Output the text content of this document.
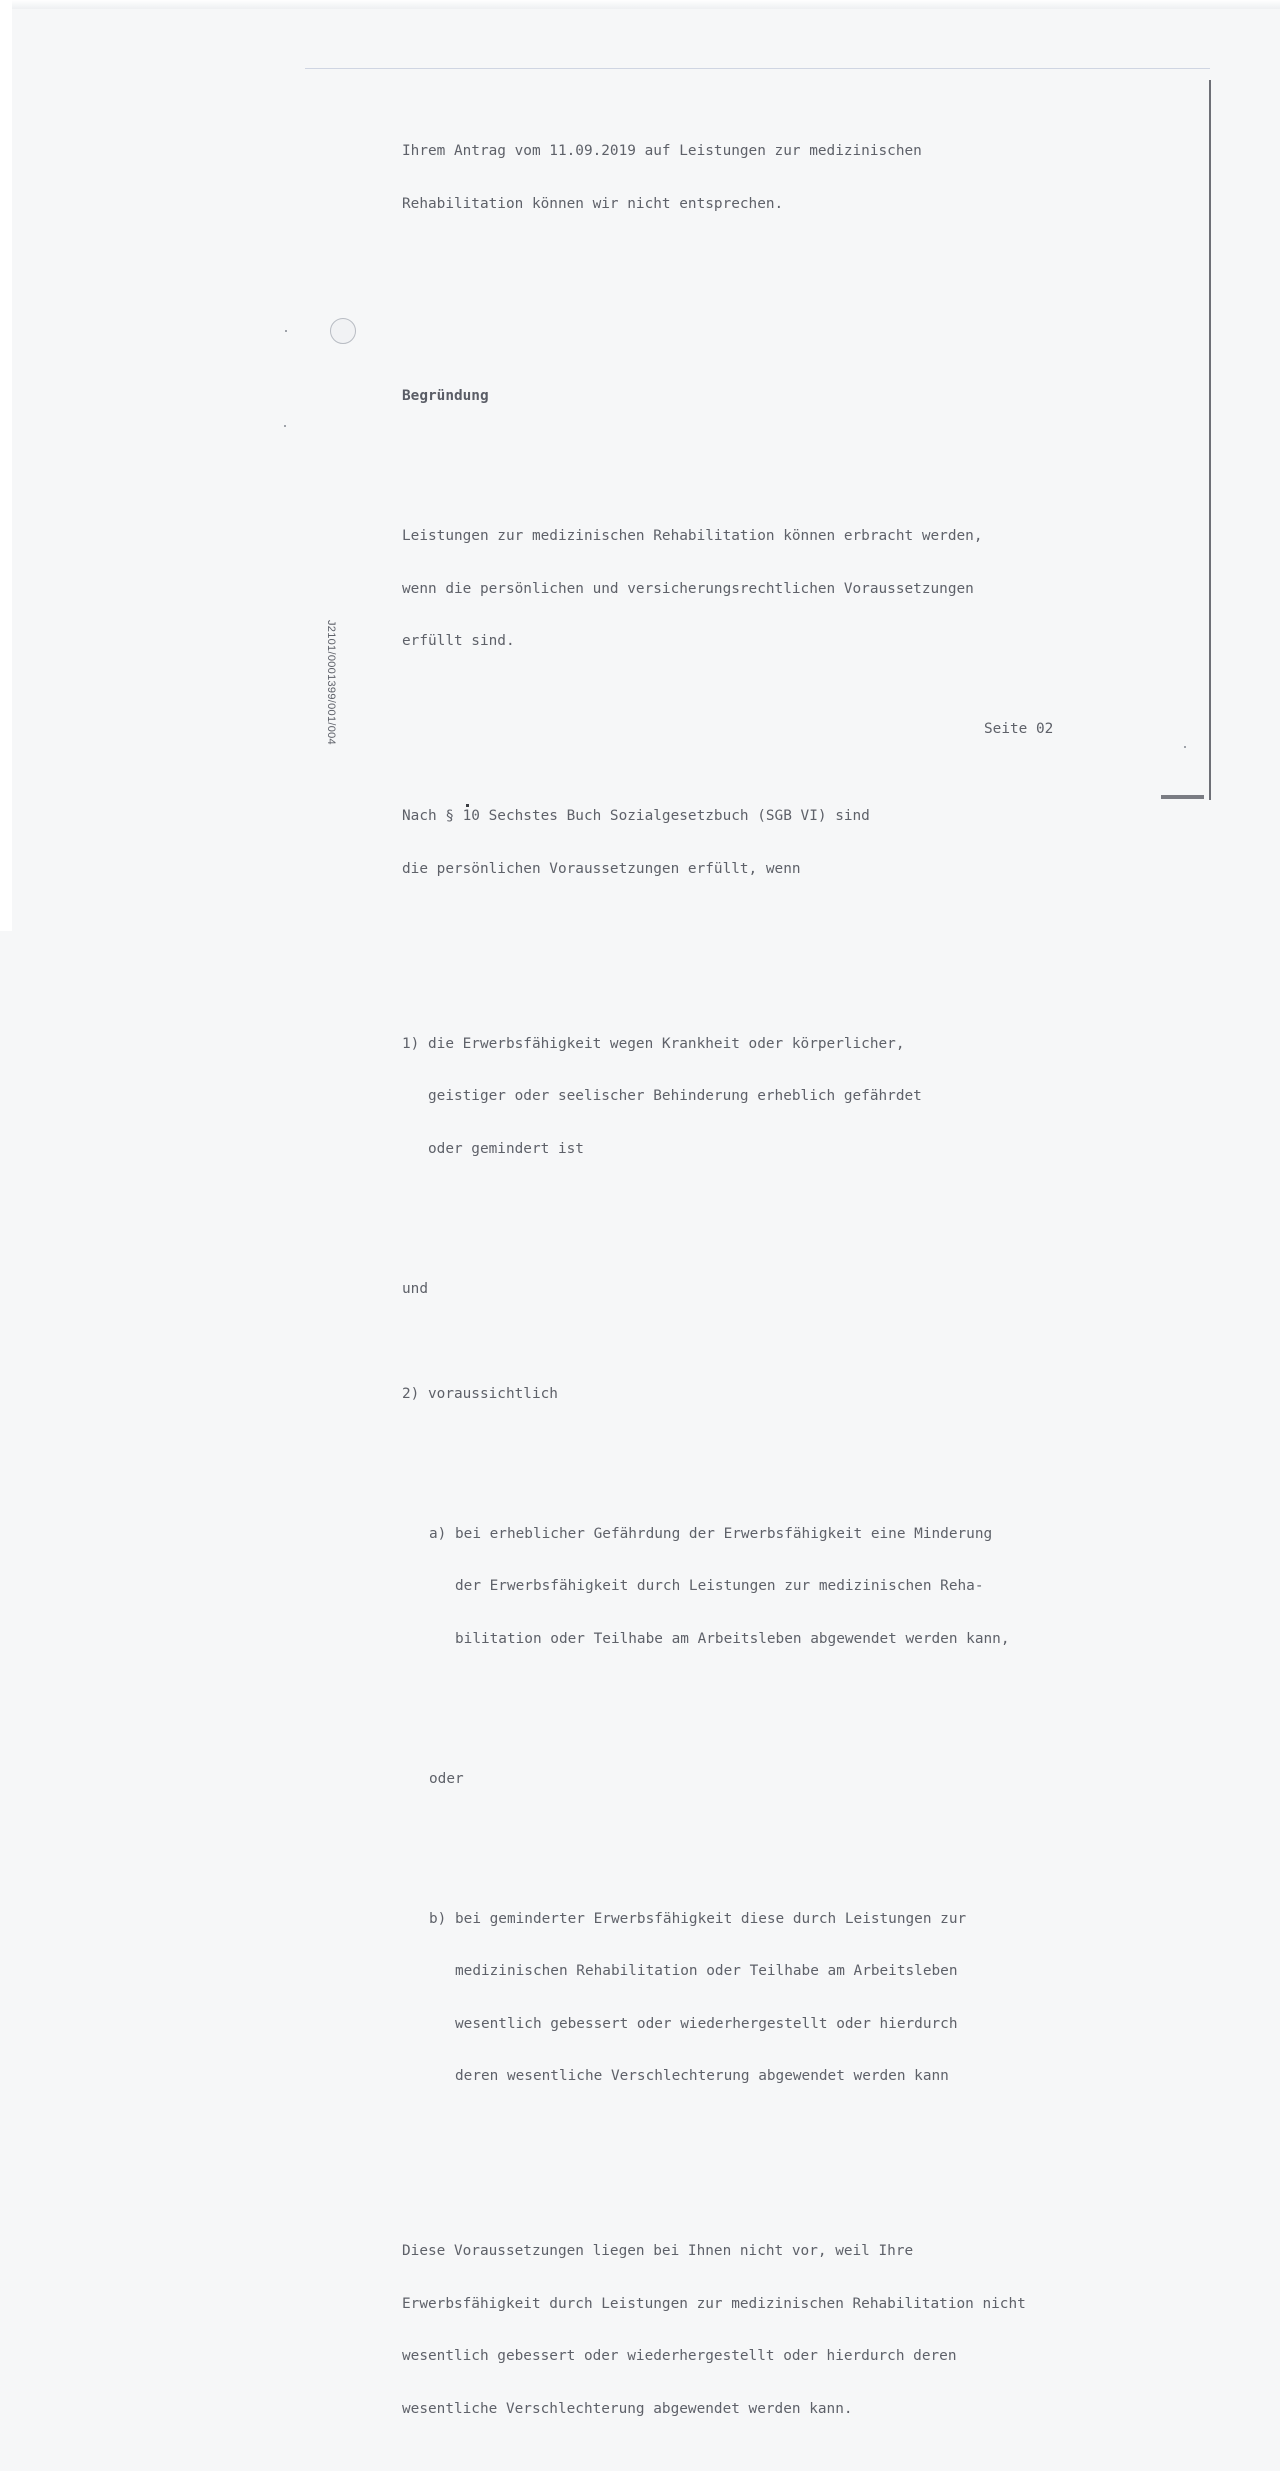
Ihrem Antrag vom 11.09.2019 auf Leistungen zur medizinischen

Rehabilitation können wir nicht entsprechen.

Begründung

Leistungen zur medizinischen Rehabilitation können erbracht werden,

wenn die persönlichen und versicherungsrechtlichen Voraussetzungen

erfüllt sind.

Nach § 10 Sechstes Buch Sozialgesetzbuch (SGB VI) sind

die persönlichen Voraussetzungen erfüllt, wenn

1) die Erwerbsfähigkeit wegen Krankheit oder körperlicher,

geistiger oder seelischer Behinderung erheblich gefährdet

oder gemindert ist

und

2) voraussichtlich

a) bei erheblicher Gefährdung der Erwerbsfähigkeit eine Minderung

der Erwerbsfähigkeit durch Leistungen zur medizinischen Reha-

bilitation oder Teilhabe am Arbeitsleben abgewendet werden kann,

oder

b) bei geminderter Erwerbsfähigkeit diese durch Leistungen zur

medizinischen Rehabilitation oder Teilhabe am Arbeitsleben

wesentlich gebessert oder wiederhergestellt oder hierdurch

deren wesentliche Verschlechterung abgewendet werden kann

Diese Voraussetzungen liegen bei Ihnen nicht vor, weil Ihre

Erwerbsfähigkeit durch Leistungen zur medizinischen Rehabilitation nicht

wesentlich gebessert oder wiederhergestellt oder hierdurch deren

wesentliche Verschlechterung abgewendet werden kann.

Seite 02
J2101/0001399/001/004
